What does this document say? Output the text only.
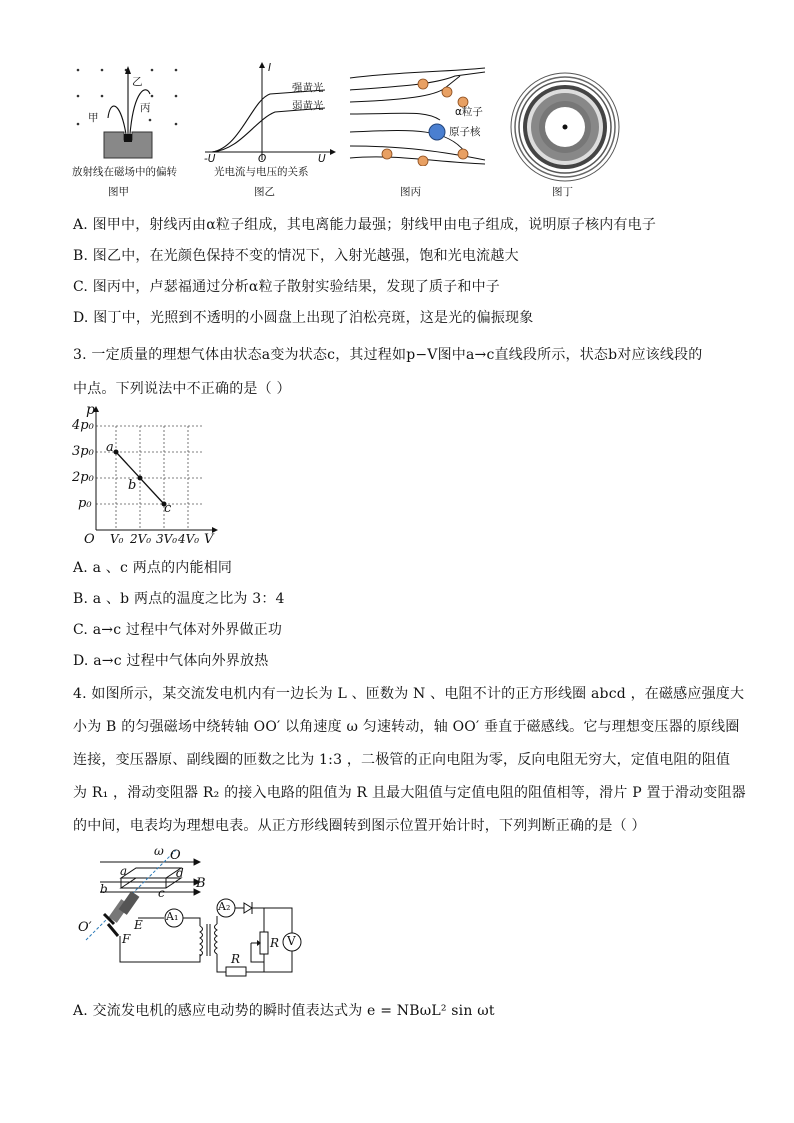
乙
丙
甲
放射线在磁场中的偏转
图甲
I
强黄光
弱黄光
-U	O	U
光电流与电压的关系
图乙
α粒子
原子核
图丙	图丁
A. 图甲中，射线丙由α粒子组成，其电离能力最强；射线甲由电子组成，说明原子核内有电子
B. 图乙中，在光颜色保持不变的情况下，入射光越强，饱和光电流越大
C. 图丙中，卢瑟福通过分析α粒子散射实验结果，发现了质子和中子
D. 图丁中，光照到不透明的小圆盘上出现了泊松亮斑，这是光的偏振现象
3. 一定质量的理想气体由状态a变为状态c，其过程如p−V图中a→c直线段所示，状态b对应该线段的
中点。下列说法中不正确的是（ ）
p
4p₀
3p₀
2p₀
p₀
a
b
c
O V₀ 2V₀ 3V₀ 4V₀ V
A. a 、c 两点的内能相同
B. a 、b 两点的温度之比为 3：4
C. a→c 过程中气体对外界做正功
D. a→c 过程中气体向外界放热
4. 如图所示，某交流发电机内有一边长为 L 、匝数为 N 、电阻不计的正方形线圈 abcd ，在磁感应强度大
小为 B 的匀强磁场中绕转轴 OO′ 以角速度 ω 匀速转动，轴 OO′ 垂直于磁感线。它与理想变压器的原线圈
连接，变压器原、副线圈的匝数之比为 1:3 ，二极管的正向电阻为零，反向电阻无穷大，定值电阻的阻值
为 R₁ ，滑动变阻器 R₂ 的接入电路的阻值为 R 且最大阻值与定值电阻的阻值相等，滑片 P 置于滑动变阻器
的中间，电表均为理想电表。从正方形线圈转到图示位置开始计时，下列判断正确的是（ ）
ω O
a	d
B
b	c
E
O′
F
A₁
A₂
R V
R
A. 交流发电机的感应电动势的瞬时值表达式为 e = NBωL² sin ωt
